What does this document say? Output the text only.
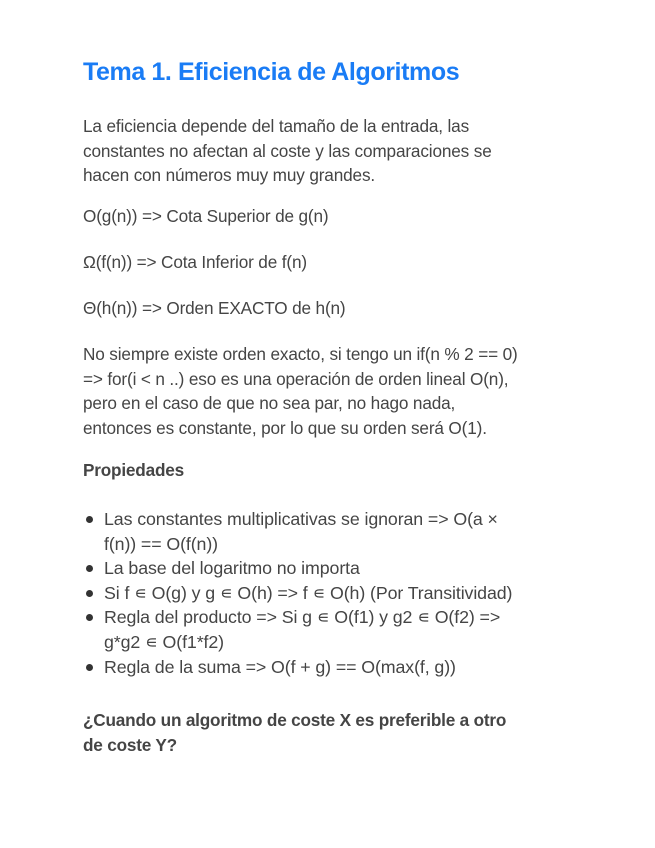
Tema 1. Eficiencia de Algoritmos

La eficiencia depende del tamaño de la entrada, las
constantes no afectan al coste y las comparaciones se
hacen con números muy muy grandes.

O(g(n)) => Cota Superior de g(n)

Ω(f(n)) => Cota Inferior de f(n)

Θ(h(n)) => Orden EXACTO de h(n)

No siempre existe orden exacto, si tengo un if(n % 2 == 0)
=> for(i < n ..) eso es una operación de orden lineal O(n),
pero en el caso de que no sea par, no hago nada,
entonces es constante, por lo que su orden será O(1).

Propiedades
Las constantes multiplicativas se ignoran => O(a ×
f(n)) == O(f(n))
La base del logaritmo no importa
Si f ∊ O(g) y g ∊ O(h) => f ∊ O(h) (Por Transitividad)
Regla del producto => Si g ∊ O(f1) y g2 ∊ O(f2) =>
g*g2 ∊ O(f1*f2)
Regla de la suma => O(f + g) == O(max(f, g))
¿Cuando un algoritmo de coste X es preferible a otro
de coste Y?
